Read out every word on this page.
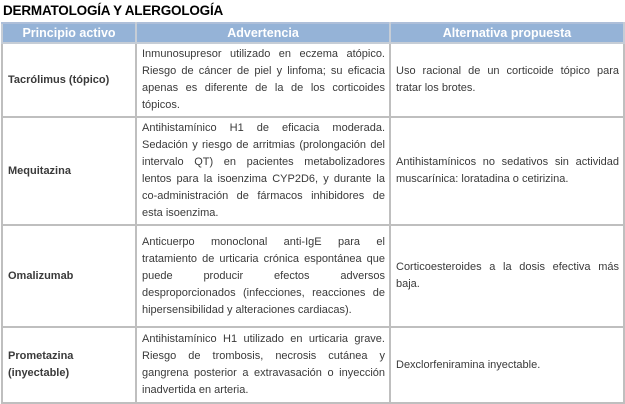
DERMATOLOGÍA Y ALERGOLOGÍA
Principio activo	Advertencia	Alternativa propuesta
Tacrólimus (tópico)	Inmunosupresor utilizado en eczema atópico. Riesgo de cáncer de piel y linfoma; su eficacia apenas es diferente de la de los corticoides tópicos.	Uso racional de un corticoide tópico para tratar los brotes.
Mequitazina	Antihistamínico H1 de eficacia moderada. Sedación y riesgo de arritmias (prolongación del intervalo QT) en pacientes metabolizadores lentos para la isoenzima CYP2D6, y durante la co-administración de fármacos inhibidores de esta isoenzima.	Antihistamínicos no sedativos sin actividad muscarínica: loratadina o cetirizina.
Omalizumab	Anticuerpo monoclonal anti-IgE para el tratamiento de urticaria crónica espontánea que puede producir efectos adversos desproporcionados (infecciones, reacciones de hipersensibilidad y alteraciones cardiacas).	Corticoesteroides a la dosis efectiva más baja.
Prometazina (inyectable)	Antihistamínico H1 utilizado en urticaria grave. Riesgo de trombosis, necrosis cutánea y gangrena posterior a extravasación o inyección inadvertida en arteria.	Dexclorfeniramina inyectable.
